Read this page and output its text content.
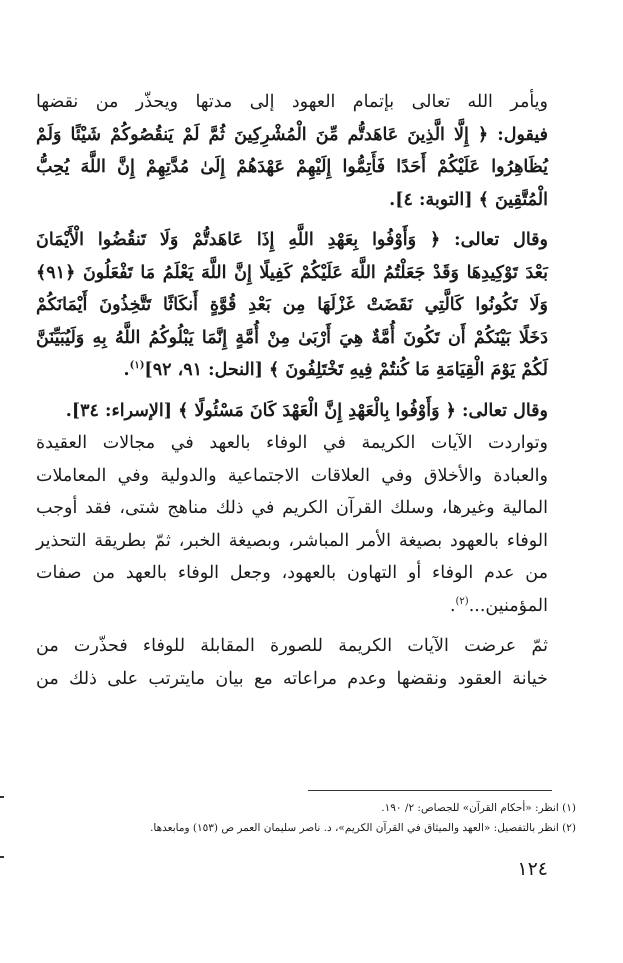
ويأمر الله تعالى بإتمام العهود إلى مدتها ويحذّر من نقضها
فيقول: ﴿ إِلَّا الَّذِينَ عَاهَدتُّم مِّنَ الْمُشْرِكِينَ ثُمَّ لَمْ يَنقُصُوكُمْ شَيْئًا وَلَمْ
يُظَاهِرُوا عَلَيْكُمْ أَحَدًا فَأَتِمُّوا إِلَيْهِمْ عَهْدَهُمْ إِلَىٰ مُدَّتِهِمْ إِنَّ اللَّهَ يُحِبُّ
الْمُتَّقِينَ ﴾ [التوبة: ٤].
وقال تعالى: ﴿ وَأَوْفُوا بِعَهْدِ اللَّهِ إِذَا عَاهَدتُّمْ وَلَا تَنقُضُوا الْأَيْمَانَ
بَعْدَ تَوْكِيدِهَا وَقَدْ جَعَلْتُمُ اللَّهَ عَلَيْكُمْ كَفِيلًا إِنَّ اللَّهَ يَعْلَمُ مَا تَفْعَلُونَ ﴿٩١﴾
وَلَا تَكُونُوا كَالَّتِي نَقَضَتْ غَزْلَهَا مِن بَعْدِ قُوَّةٍ أَنكَاثًا تَتَّخِذُونَ أَيْمَانَكُمْ
دَخَلًا بَيْنَكُمْ أَن تَكُونَ أُمَّةٌ هِيَ أَرْبَىٰ مِنْ أُمَّةٍ إِنَّمَا يَبْلُوكُمُ اللَّهُ بِهِ وَلَيُبَيِّنَنَّ
لَكُمْ يَوْمَ الْقِيَامَةِ مَا كُنتُمْ فِيهِ تَخْتَلِفُونَ ﴾ [النحل: ٩١، ٩٢]$^{(١)}$.
وقال تعالى: ﴿ وَأَوْفُوا بِالْعَهْدِ إِنَّ الْعَهْدَ كَانَ مَسْئُولًا ﴾ [الإسراء: ٣٤].
وتواردت الآيات الكريمة في الوفاء بالعهد في مجالات العقيدة
والعبادة والأخلاق وفي العلاقات الاجتماعية والدولية وفي المعاملات
المالية وغيرها، وسلك القرآن الكريم في ذلك مناهج شتى، فقد أوجب
الوفاء بالعهود بصيغة الأمر المباشر، وبصيغة الخبر، ثمّ بطريقة التحذير
من عدم الوفاء أو التهاون بالعهود، وجعل الوفاء بالعهد من صفات
المؤمنين...$^{(٢)}$.
ثمّ عرضت الآيات الكريمة للصورة المقابلة للوفاء فحذّرت من
خيانة العقود ونقضها وعدم مراعاته مع بيان مايترتب على ذلك من

(١) انظر: «أحكام القرآن» للجصاص: ٢/ ١٩٠.

(٢) انظر بالتفصيل: «العهد والميثاق في القرآن الكريم»، د. ناصر سليمان العمر ص (١٥٣) ومابعدها.

١٢٤
